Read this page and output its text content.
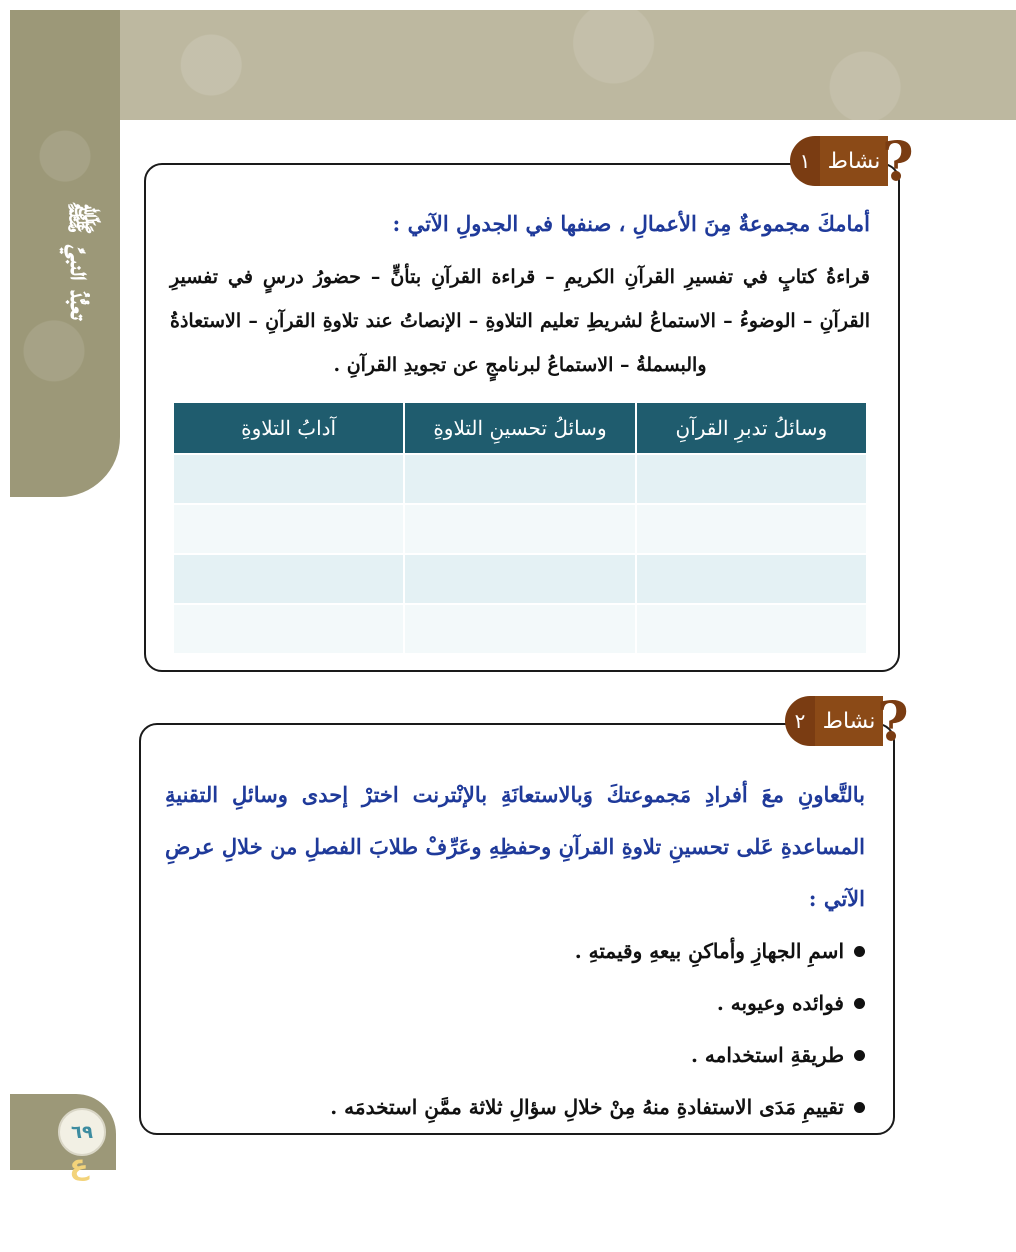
تعبُّدُ النبيِّ ﷺ
٦٩
ع
أمامكَ مجموعةٌ مِنَ الأعمالِ ، صنفها في الجدولِ الآتي :
قراءةُ كتابٍ في تفسيرِ القرآنِ الكريمِ – قراءة القرآنِ بتأنٍّ – حضورُ درسٍ في تفسيرِ القرآنِ – الوضوءُ – الاستماعُ لشريطِ تعليم التلاوةِ – الإنصاتُ عند تلاوةِ القرآنِ – الاستعاذةُ والبسملةُ – الاستماعُ لبرنامجٍ عن تجويدِ القرآنِ .
وسائلُ تدبرِ القرآنِ	وسائلُ تحسينِ التلاوةِ	آدابُ التلاوةِ

١ نشاط ?
بالتَّعاونِ معَ أفرادِ مَجموعتكَ وَبالاستعانَةِ بالإنْترنت اخترْ إحدى وسائلِ التقنيةِ المساعدةِ عَلى تحسينِ تلاوةِ القرآنِ وحفظِهِ وعَرِّفْ طلابَ الفصلِ من خلالِ عرضِ الآتي :
اسمِ الجهازِ وأماكنِ بيعهِ وقيمتهِ .
فوائده وعيوبه .
طريقةِ استخدامه .
تقييمِ مَدَى الاستفادةِ منهُ مِنْ خلالِ سؤالِ ثلاثة ممَّنِ استخدمَه .
٢ نشاط ?
